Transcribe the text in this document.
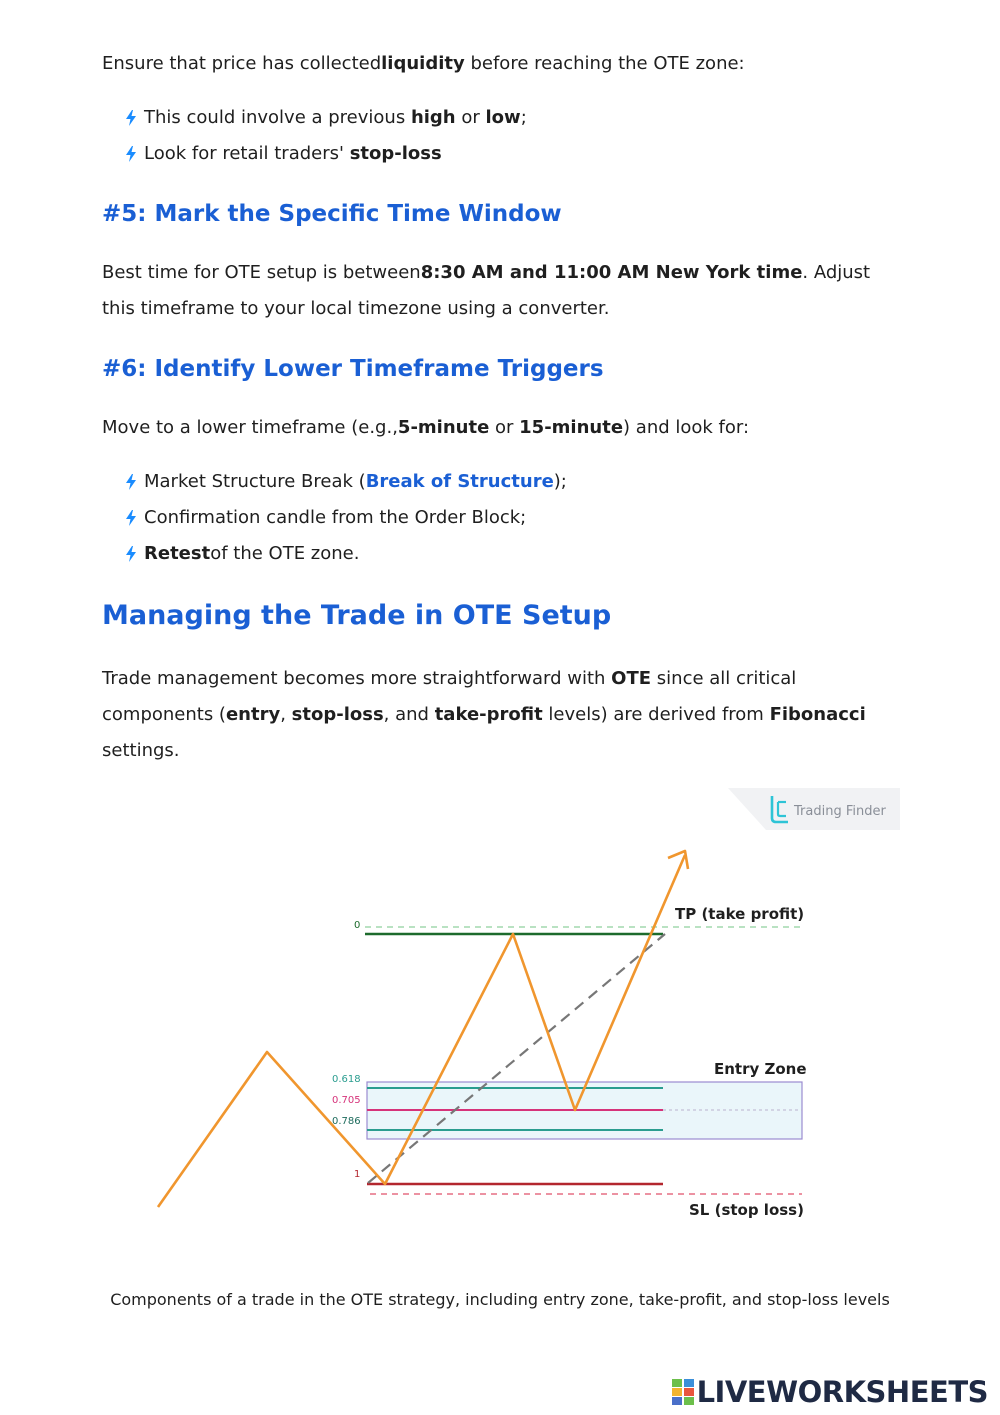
Ensure that price has collectedliquidity before reaching the OTE zone:

This could involve a previous
high
or
low ;
Look for retail traders'
stop-loss
#5: Mark the Specific Time Window

Best time for OTE setup is between8:30 AM and 11:00 AM New York time. Adjust this timeframe to your local timezone using a converter.

#6: Identify Lower Timeframe Triggers

Move to a lower timeframe (e.g.,5-minute or 15-minute) and look for:

Market Structure Break ( Break of Structure );
Confirmation candle from the Order Block;
Retest of the OTE zone.
Managing the Trade in OTE Setup

Trade management becomes more straightforward with OTE since all critical components (entry, stop-loss, and take-profit levels) are derived from Fibonacci settings.

Trading Finder
0
0.618
0.705
0.786
1
TP (take profit)
Entry Zone
SL (stop loss)
Components of a trade in the OTE strategy, including entry zone, take-profit, and stop-loss levels
LIVEWORKSHEETS
